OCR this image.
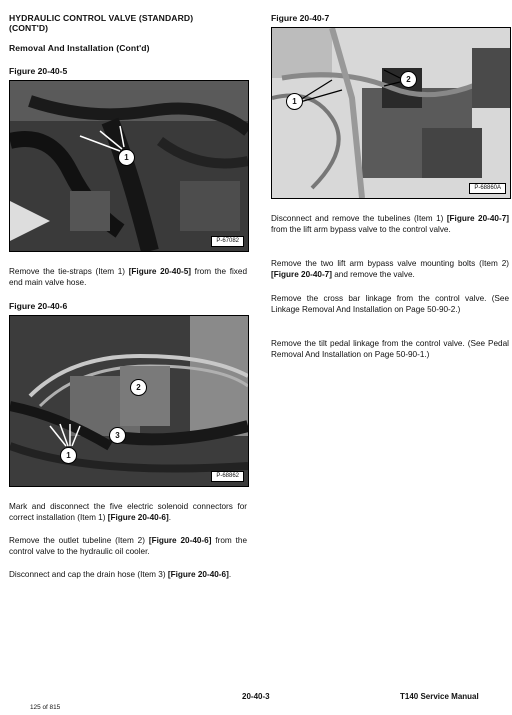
HYDRAULIC CONTROL VALVE (STANDARD)
(CONT'D)
Removal And Installation (Cont'd)
Figure 20-40-5
1
P-67082
Remove the tie-straps (Item 1) [Figure 20-40-5] from the fixed end main valve hose.
Figure 20-40-6
1
2
3
P-68862
Mark and disconnect the five electric solenoid connectors for correct installation (Item 1) [Figure 20-40-6].
Remove the outlet tubeline (Item 2) [Figure 20-40-6] from the control valve to the hydraulic oil cooler.
Disconnect and cap the drain hose (Item 3) [Figure 20-40-6].
Figure 20-40-7
1
2
P-68860A
Disconnect and remove the tubelines (Item 1) [Figure 20-40-7] from the lift arm bypass valve to the control valve.
Remove the two lift arm bypass valve mounting bolts (Item 2) [Figure 20-40-7] and remove the valve.
Remove the cross bar linkage from the control valve. (See Linkage Removal And Installation on Page 50-90-2.)
Remove the tilt pedal linkage from the control valve. (See Pedal Removal And Installation on Page 50-90-1.)
20-40-3	T140 Service Manual
125 of 815
